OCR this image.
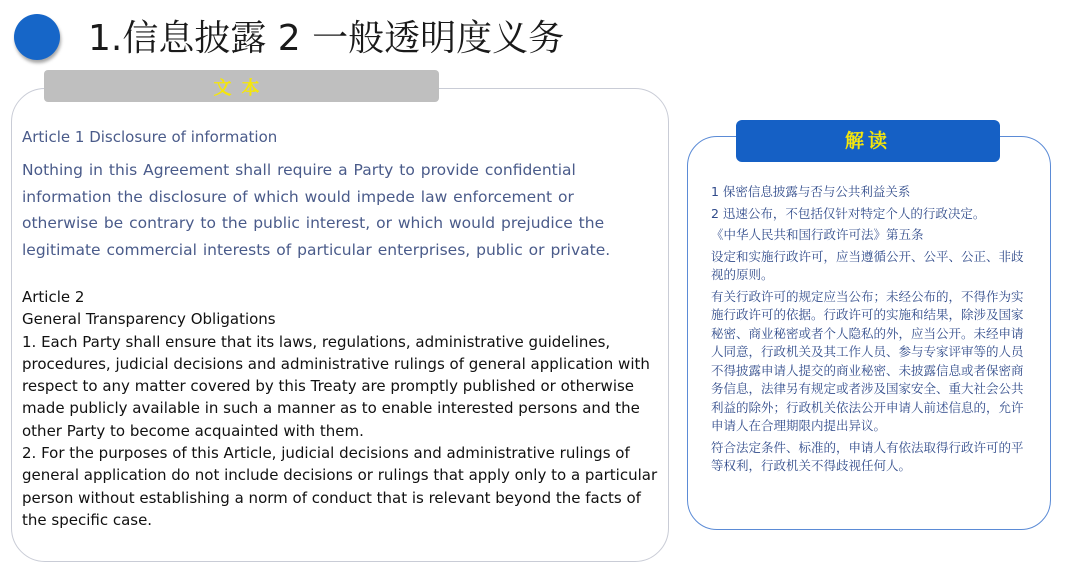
1.信息披露 2 一般透明度义务
文本
Article 1 Disclosure of information
Nothing in this Agreement shall require a Party to provide confidential information the disclosure of which would impede law enforcement or otherwise be contrary to the public interest, or which would prejudice the legitimate commercial interests of particular enterprises, public or private.

Article 2

General Transparency Obligations

1. Each Party shall ensure that its laws, regulations, administrative guidelines, procedures, judicial decisions and administrative rulings of general application with respect to any matter covered by this Treaty are promptly published or otherwise made publicly available in such a manner as to enable interested persons and the other Party to become acquainted with them.

2. For the purposes of this Article, judicial decisions and administrative rulings of general application do not include decisions or rulings that apply only to a particular person without establishing a norm of conduct that is relevant beyond the facts of the specific case.

解读

1 保密信息披露与否与公共利益关系

2 迅速公布，不包括仅针对特定个人的行政决定。

《中华人民共和国行政许可法》第五条

设定和实施行政许可，应当遵循公开、公平、公正、非歧视的原则。

有关行政许可的规定应当公布；未经公布的，不得作为实施行政许可的依据。行政许可的实施和结果，除涉及国家秘密、商业秘密或者个人隐私的外，应当公开。未经申请人同意，行政机关及其工作人员、参与专家评审等的人员不得披露申请人提交的商业秘密、未披露信息或者保密商务信息，法律另有规定或者涉及国家安全、重大社会公共利益的除外；行政机关依法公开申请人前述信息的，允许申请人在合理期限内提出异议。

符合法定条件、标准的，申请人有依法取得行政许可的平等权利，行政机关不得歧视任何人。
